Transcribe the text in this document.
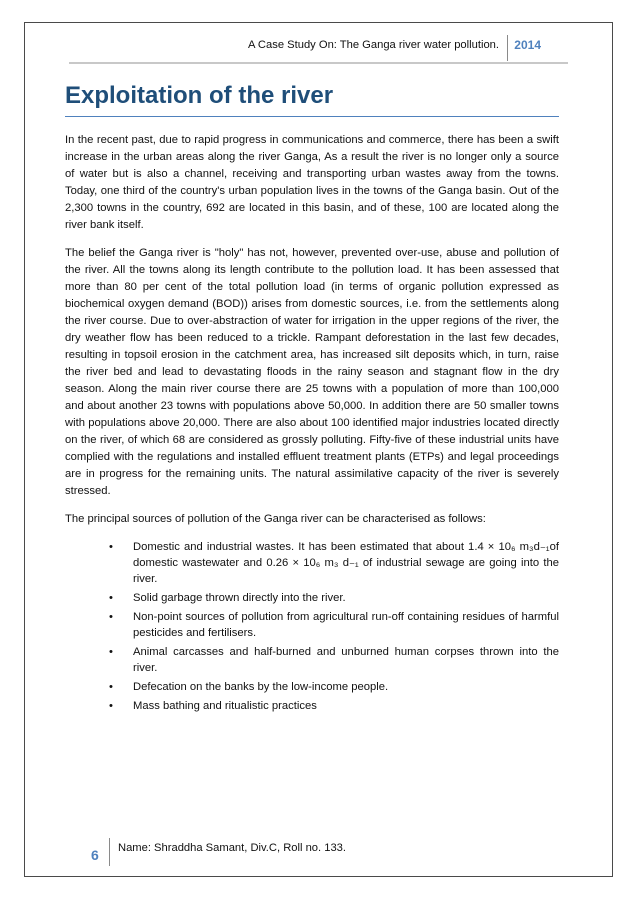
A Case Study On: The Ganga river water pollution. 2014
Exploitation of the river

In the recent past, due to rapid progress in communications and commerce, there has been a swift increase in the urban areas along the river Ganga, As a result the river is no longer only a source of water but is also a channel, receiving and transporting urban wastes away from the towns. Today, one third of the country's urban population lives in the towns of the Ganga basin. Out of the 2,300 towns in the country, 692 are located in this basin, and of these, 100 are located along the river bank itself.

The belief the Ganga river is "holy" has not, however, prevented over-use, abuse and pollution of the river. All the towns along its length contribute to the pollution load. It has been assessed that more than 80 per cent of the total pollution load (in terms of organic pollution expressed as biochemical oxygen demand (BOD)) arises from domestic sources, i.e. from the settlements along the river course. Due to over-abstraction of water for irrigation in the upper regions of the river, the dry weather flow has been reduced to a trickle. Rampant deforestation in the last few decades, resulting in topsoil erosion in the catchment area, has increased silt deposits which, in turn, raise the river bed and lead to devastating floods in the rainy season and stagnant flow in the dry season. Along the main river course there are 25 towns with a population of more than 100,000 and about another 23 towns with populations above 50,000. In addition there are 50 smaller towns with populations above 20,000. There are also about 100 identified major industries located directly on the river, of which 68 are considered as grossly polluting. Fifty-five of these industrial units have complied with the regulations and installed effluent treatment plants (ETPs) and legal proceedings are in progress for the remaining units. The natural assimilative capacity of the river is severely stressed.

The principal sources of pollution of the Ganga river can be characterised as follows:

• Domestic and industrial wastes. It has been estimated that about 1.4 × 10₆ m₃d₋₁of domestic wastewater and 0.26 × 10₆ m₃ d₋₁ of industrial sewage are going into the river.
• Solid garbage thrown directly into the river.
• Non-point sources of pollution from agricultural run-off containing residues of harmful pesticides and fertilisers.
• Animal carcasses and half-burned and unburned human corpses thrown into the river.
• Defecation on the banks by the low-income people.
• Mass bathing and ritualistic practices
6 Name: Shraddha Samant, Div.C, Roll no. 133.
